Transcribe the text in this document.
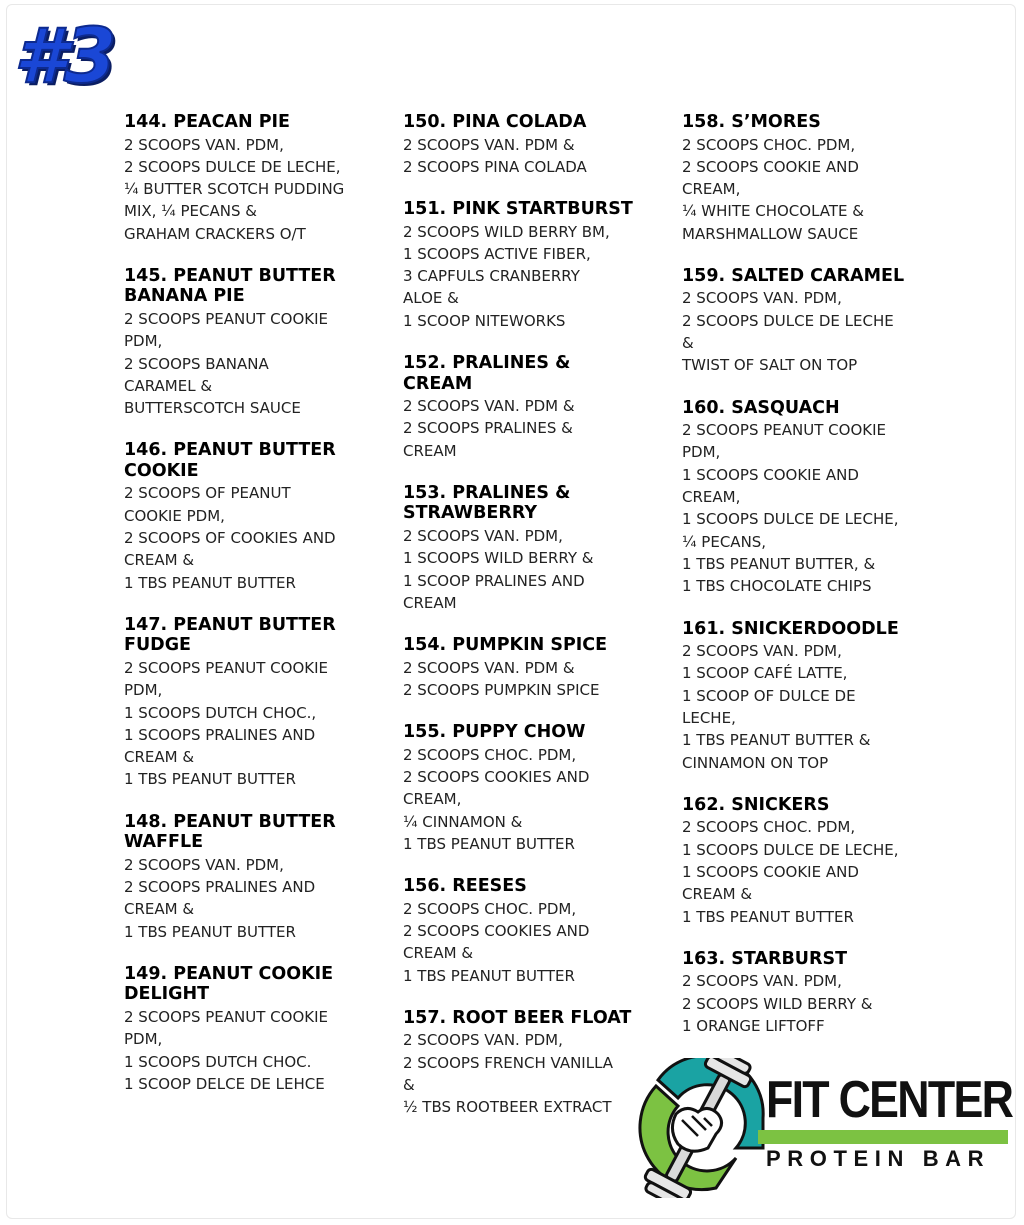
#3
144. PEACAN PIE
2 SCOOPS VAN. PDM,
2 SCOOPS DULCE DE LECHE,
¼ BUTTER SCOTCH PUDDING
MIX, ¼ PECANS &
GRAHAM CRACKERS O/T
145. PEANUT BUTTER
BANANA PIE
2 SCOOPS PEANUT COOKIE
PDM,
2 SCOOPS BANANA
CARAMEL &
BUTTERSCOTCH SAUCE
146. PEANUT BUTTER
COOKIE
2 SCOOPS OF PEANUT
COOKIE PDM,
2 SCOOPS OF COOKIES AND
CREAM &
1 TBS PEANUT BUTTER
147. PEANUT BUTTER
FUDGE
2 SCOOPS PEANUT COOKIE
PDM,
1 SCOOPS DUTCH CHOC.,
1 SCOOPS PRALINES AND
CREAM &
1 TBS PEANUT BUTTER
148. PEANUT BUTTER
WAFFLE
2 SCOOPS VAN. PDM,
2 SCOOPS PRALINES AND
CREAM &
1 TBS PEANUT BUTTER
149. PEANUT COOKIE
DELIGHT
2 SCOOPS PEANUT COOKIE
PDM,
1 SCOOPS DUTCH CHOC.
1 SCOOP DELCE DE LEHCE
150. PINA COLADA
2 SCOOPS VAN. PDM &
2 SCOOPS PINA COLADA
151. PINK STARTBURST
2 SCOOPS WILD BERRY BM,
1 SCOOPS ACTIVE FIBER,
3 CAPFULS CRANBERRY
ALOE &
1 SCOOP NITEWORKS
152. PRALINES &
CREAM
2 SCOOPS VAN. PDM &
2 SCOOPS PRALINES &
CREAM
153. PRALINES &
STRAWBERRY
2 SCOOPS VAN. PDM,
1 SCOOPS WILD BERRY &
1 SCOOP PRALINES AND
CREAM
154. PUMPKIN SPICE
2 SCOOPS VAN. PDM &
2 SCOOPS PUMPKIN SPICE
155. PUPPY CHOW
2 SCOOPS CHOC. PDM,
2 SCOOPS COOKIES AND
CREAM,
¼ CINNAMON &
1 TBS PEANUT BUTTER
156. REESES
2 SCOOPS CHOC. PDM,
2 SCOOPS COOKIES AND
CREAM &
1 TBS PEANUT BUTTER
157. ROOT BEER FLOAT
2 SCOOPS VAN. PDM,
2 SCOOPS FRENCH VANILLA
&
½ TBS ROOTBEER EXTRACT
158. S’MORES
2 SCOOPS CHOC. PDM,
2 SCOOPS COOKIE AND
CREAM,
¼ WHITE CHOCOLATE &
MARSHMALLOW SAUCE
159. SALTED CARAMEL
2 SCOOPS VAN. PDM,
2 SCOOPS DULCE DE LECHE
&
TWIST OF SALT ON TOP
160. SASQUACH
2 SCOOPS PEANUT COOKIE
PDM,
1 SCOOPS COOKIE AND
CREAM,
1 SCOOPS DULCE DE LECHE,
¼ PECANS,
1 TBS PEANUT BUTTER, &
1 TBS CHOCOLATE CHIPS
161. SNICKERDOODLE
2 SCOOPS VAN. PDM,
1 SCOOP CAFÉ LATTE,
1 SCOOP OF DULCE DE
LECHE,
1 TBS PEANUT BUTTER &
CINNAMON ON TOP
162. SNICKERS
2 SCOOPS CHOC. PDM,
1 SCOOPS DULCE DE LECHE,
1 SCOOPS COOKIE AND
CREAM &
1 TBS PEANUT BUTTER
163. STARBURST
2 SCOOPS VAN. PDM,
2 SCOOPS WILD BERRY &
1 ORANGE LIFTOFF
FIT CENTER
PROTEIN BAR
